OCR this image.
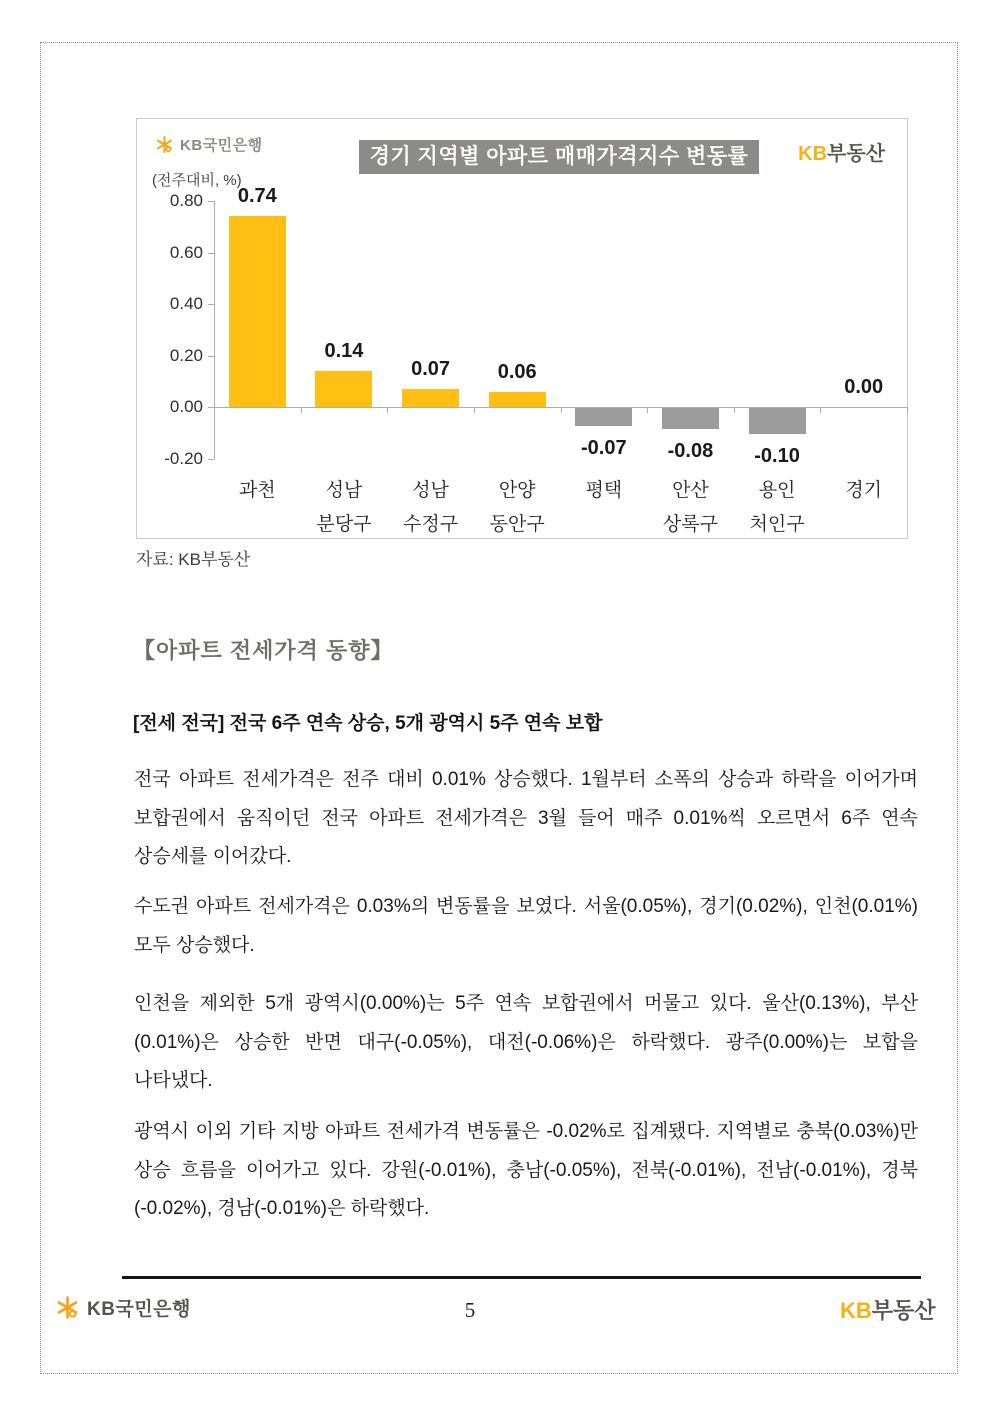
KB국민은행	경기 지역별 아파트 매매가격지수 변동률	KB부동산
(전주대비, %)
0.80
0.60
0.40
0.20
0.00
-0.20
0.74
과천
0.14
성남
분당구
0.07
성남
수정구
0.06
안양
동안구
-0.07
평택
-0.08
안산
상록구
-0.10
용인
처인구
0.00
경기
자료: KB부동산
【아파트 전세가격 동향】
[전세 전국] 전국 6주 연속 상승, 5개 광역시 5주 연속 보합

전국 아파트 전세가격은 전주 대비 0.01% 상승했다. 1월부터 소폭의 상승과 하락을 이어가며 보합권에서 움직이던 전국 아파트 전세가격은 3월 들어 매주 0.01%씩 오르면서 6주 연속 상승세를 이어갔다.

수도권 아파트 전세가격은 0.03%의 변동률을 보였다. 서울(0.05%), 경기(0.02%), 인천(0.01%) 모두 상승했다.

인천을 제외한 5개 광역시(0.00%)는 5주 연속 보합권에서 머물고 있다. 울산(0.13%), 부산(0.01%)은 상승한 반면 대구(-0.05%), 대전(-0.06%)은 하락했다. 광주(0.00%)는 보합을 나타냈다.

광역시 이외 기타 지방 아파트 전세가격 변동률은 -0.02%로 집계됐다. 지역별로 충북(0.03%)만 상승 흐름을 이어가고 있다. 강원(-0.01%), 충남(-0.05%), 전북(-0.01%), 전남(-0.01%), 경북(-0.02%), 경남(-0.01%)은 하락했다.

KB국민은행	5	KB부동산
